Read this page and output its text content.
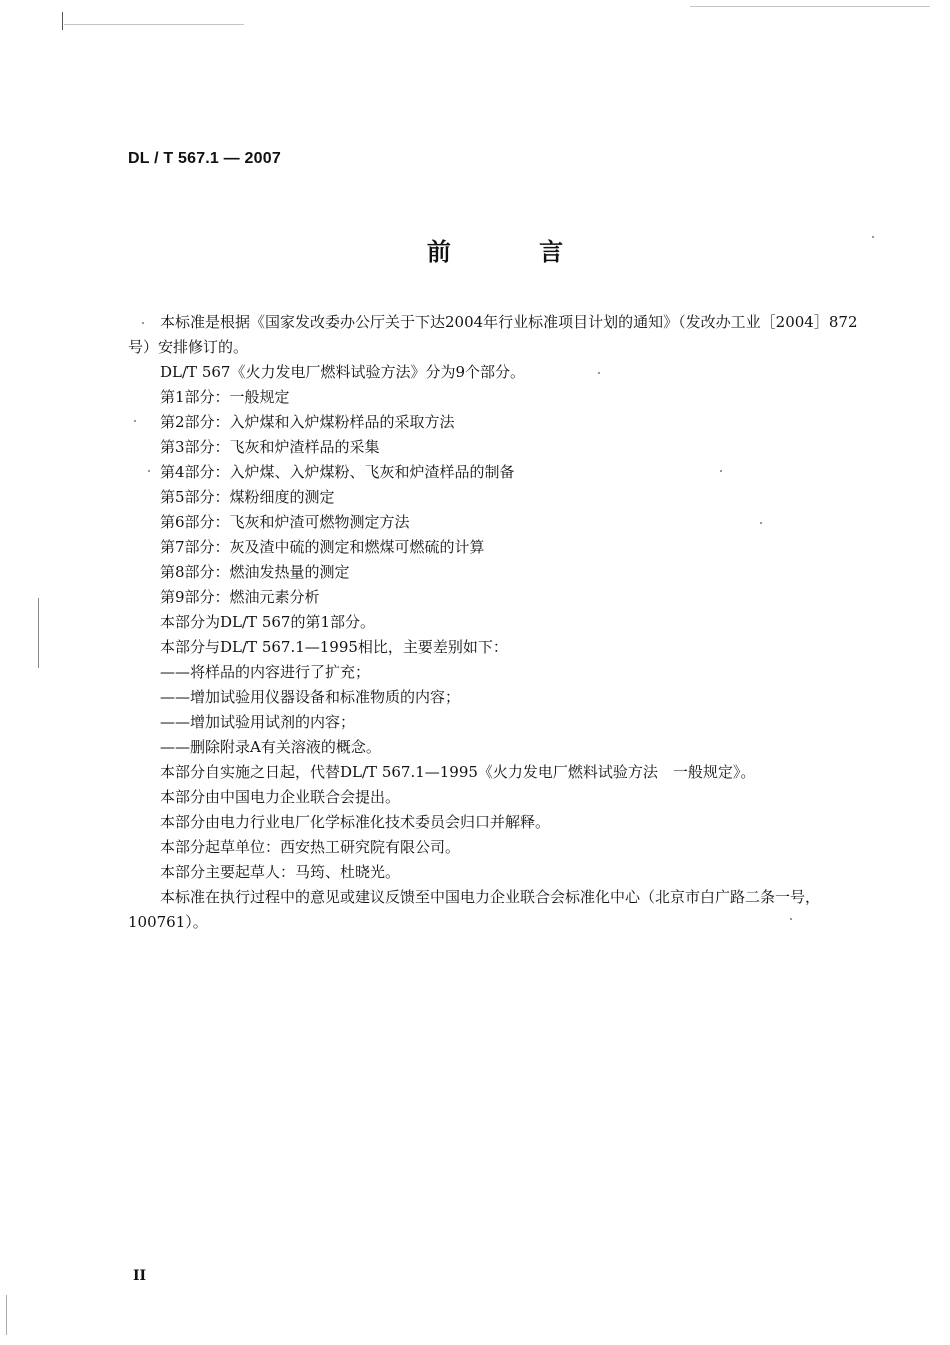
DL / T 567.1 — 2007
前 言

本标准是根据《国家发改委办公厅关于下达2004年行业标准项目计划的通知》（发改办工业［2004］872号）安排修订的。

DL/T 567《火力发电厂燃料试验方法》分为9个部分。

第1部分：一般规定

第2部分：入炉煤和入炉煤粉样品的采取方法

第3部分：飞灰和炉渣样品的采集

第4部分：入炉煤、入炉煤粉、飞灰和炉渣样品的制备

第5部分：煤粉细度的测定

第6部分：飞灰和炉渣可燃物测定方法

第7部分：灰及渣中硫的测定和燃煤可燃硫的计算

第8部分：燃油发热量的测定

第9部分：燃油元素分析

本部分为DL/T 567的第1部分。

本部分与DL/T 567.1—1995相比，主要差别如下：

——将样品的内容进行了扩充；

——增加试验用仪器设备和标准物质的内容；

——增加试验用试剂的内容；

——删除附录A有关溶液的概念。

本部分自实施之日起，代替DL/T 567.1—1995《火力发电厂燃料试验方法　一般规定》。

本部分由中国电力企业联合会提出。

本部分由电力行业电厂化学标准化技术委员会归口并解释。

本部分起草单位：西安热工研究院有限公司。

本部分主要起草人：马筠、杜晓光。

本标准在执行过程中的意见或建议反馈至中国电力企业联合会标准化中心（北京市白广路二条一号，100761）。

II
